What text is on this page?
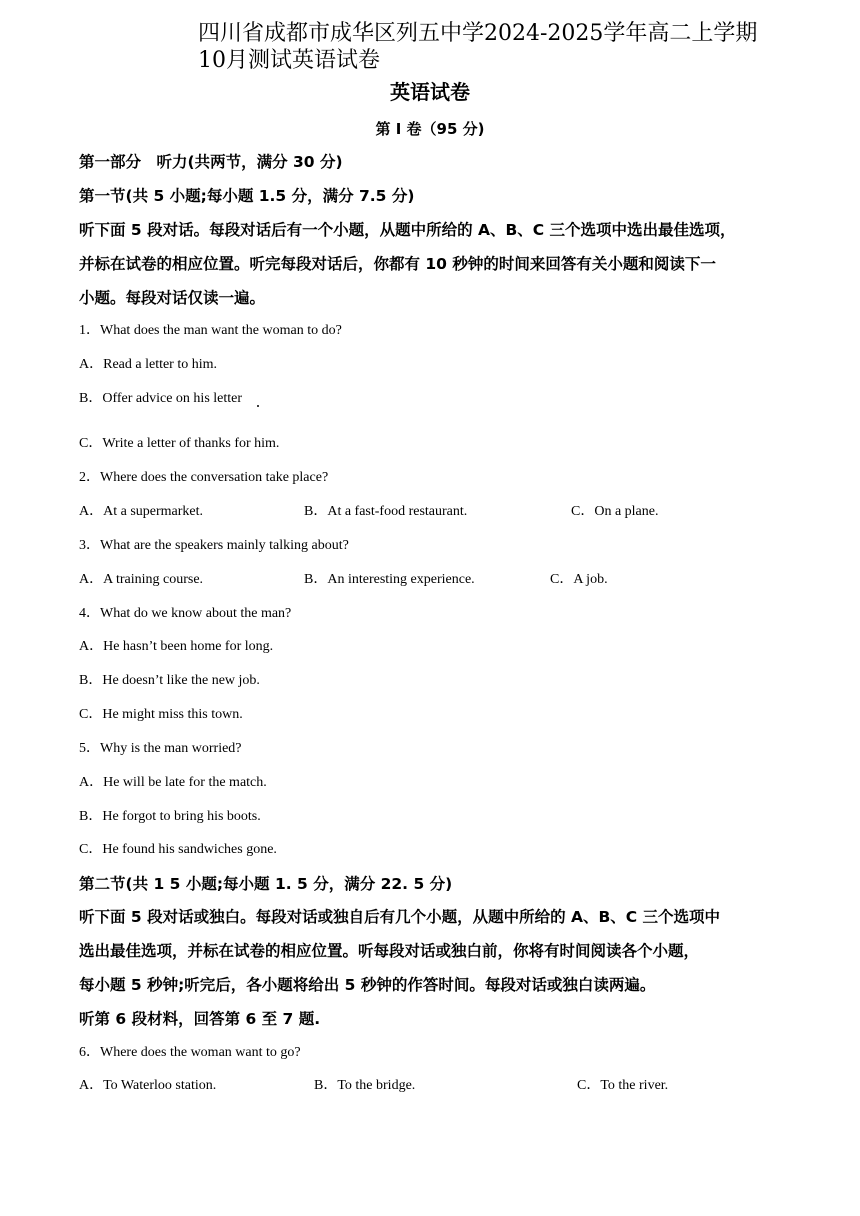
四川省成都市成华区列五中学2024-2025学年高二上学期
10月测试英语试卷
英语试卷
第 I 卷（95 分)
第一部分　听力(共两节，满分 30 分)
第一节(共 5 小题;每小题 1.5 分，满分 7.5 分)
听下面 5 段对话。每段对话后有一个小题，从题中所给的 A、B、C 三个选项中选出最佳选项，
并标在试卷的相应位置。听完每段对话后，你都有 10 秒钟的时间来回答有关小题和阅读下一
小题。每段对话仅读一遍。
1．What does the man want the woman to do?
A．Read a letter to him.
B．Offer advice on his letter
C．Write a letter of thanks for him.
2．Where does the conversation take place?
A．At a supermarket.	B．At a fast-food restaurant.	C．On a plane.
3．What are the speakers mainly talking about?
A．A training course.	B．An interesting experience.	C．A job.
4．What do we know about the man?
A．He hasn’t been home for long.
B．He doesn’t like the new job.
C．He might miss this town.
5．Why is the man worried?
A．He will be late for the match.
B．He forgot to bring his boots.
C．He found his sandwiches gone.
第二节(共 1 5 小题;每小题 1. 5 分，满分 22. 5 分)
听下面 5 段对话或独白。每段对话或独自后有几个小题，从题中所给的 A、B、C 三个选项中
选出最佳选项，并标在试卷的相应位置。听每段对话或独白前，你将有时间阅读各个小题，
每小题 5 秒钟;听完后，各小题将给出 5 秒钟的作答时间。每段对话或独白读两遍。
听第 6 段材料，回答第 6 至 7 题.
6．Where does the woman want to go?
A．To Waterloo station.	B．To the bridge.	C．To the river.
